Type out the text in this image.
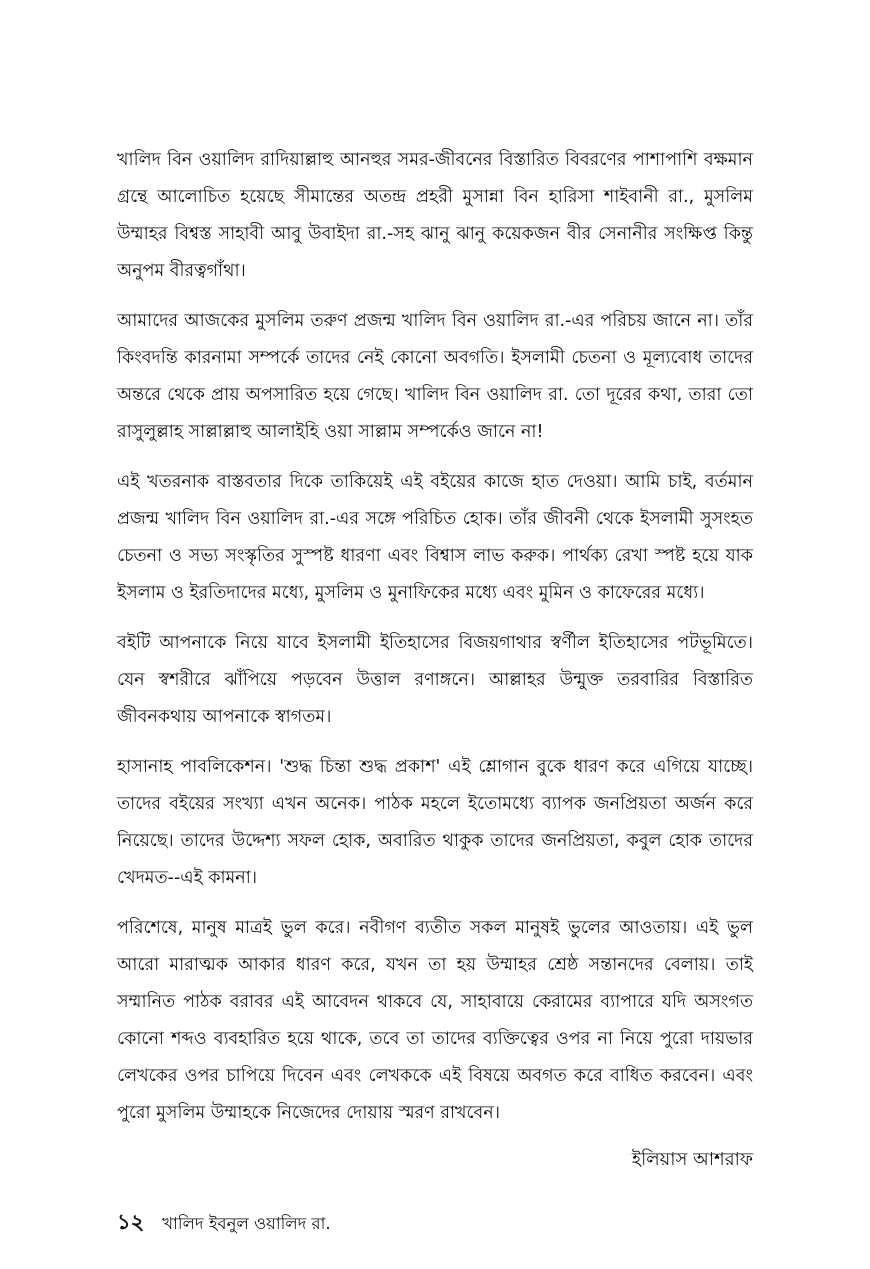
খালিদ বিন ওয়ালিদ রাদিয়াল্লাহু আনহুর সমর-জীবনের বিস্তারিত বিবরণের পাশাপাশি বক্ষমান গ্রন্থে আলোচিত হয়েছে সীমান্তের অতন্দ্র প্রহরী মুসান্না বিন হারিসা শাইবানী রা., মুসলিম উম্মাহর বিশ্বস্ত সাহাবী আবু উবাইদা রা.-সহ ঝানু ঝানু কয়েকজন বীর সেনানীর সংক্ষিপ্ত কিন্তু অনুপম বীরত্বগাঁথা।

আমাদের আজকের মুসলিম তরুণ প্রজন্ম খালিদ বিন ওয়ালিদ রা.-এর পরিচয় জানে না। তাঁর কিংবদন্তি কারনামা সম্পর্কে তাদের নেই কোনো অবগতি। ইসলামী চেতনা ও মূল্যবোধ তাদের অন্তরে থেকে প্রায় অপসারিত হয়ে গেছে। খালিদ বিন ওয়ালিদ রা. তো দূরের কথা, তারা তো রাসুলুল্লাহ সাল্লাল্লাহু আলাইহি ওয়া সাল্লাম সম্পর্কেও জানে না!

এই খতরনাক বাস্তবতার দিকে তাকিয়েই এই বইয়ের কাজে হাত দেওয়া। আমি চাই, বর্তমান প্রজন্ম খালিদ বিন ওয়ালিদ রা.-এর সঙ্গে পরিচিত হোক। তাঁর জীবনী থেকে ইসলামী সুসংহত চেতনা ও সভ্য সংস্কৃতির সুস্পষ্ট ধারণা এবং বিশ্বাস লাভ করুক। পার্থক্য রেখা স্পষ্ট হয়ে যাক ইসলাম ও ইরতিদাদের মধ্যে, মুসলিম ও মুনাফিকের মধ্যে এবং মুমিন ও কাফেরের মধ্যে।

বইটি আপনাকে নিয়ে যাবে ইসলামী ইতিহাসের বিজয়গাথার স্বর্ণীল ইতিহাসের পটভূমিতে। যেন স্বশরীরে ঝাঁপিয়ে পড়বেন উত্তাল রণাঙ্গনে। আল্লাহর উন্মুক্ত তরবারির বিস্তারিত জীবনকথায় আপনাকে স্বাগতম।

হাসানাহ পাবলিকেশন। 'শুদ্ধ চিন্তা শুদ্ধ প্রকাশ' এই শ্লোগান বুকে ধারণ করে এগিয়ে যাচ্ছে। তাদের বইয়ের সংখ্যা এখন অনেক। পাঠক মহলে ইতোমধ্যে ব্যাপক জনপ্রিয়তা অর্জন করে নিয়েছে। তাদের উদ্দেশ্য সফল হোক, অবারিত থাকুক তাদের জনপ্রিয়তা, কবুল হোক তাদের খেদমত--এই কামনা।

পরিশেষে, মানুষ মাত্রই ভুল করে। নবীগণ ব্যতীত সকল মানুষই ভুলের আওতায়। এই ভুল আরো মারাত্মক আকার ধারণ করে, যখন তা হয় উম্মাহর শ্রেষ্ঠ সন্তানদের বেলায়। তাই সম্মানিত পাঠক বরাবর এই আবেদন থাকবে যে, সাহাবায়ে কেরামের ব্যাপারে যদি অসংগত কোনো শব্দও ব্যবহারিত হয়ে থাকে, তবে তা তাদের ব্যক্তিত্বের ওপর না নিয়ে পুরো দায়ভার লেখকের ওপর চাপিয়ে দিবেন এবং লেখককে এই বিষয়ে অবগত করে বাধিত করবেন। এবং পুরো মুসলিম উম্মাহকে নিজেদের দোয়ায় স্মরণ রাখবেন।

ইলিয়াস আশরাফ
১২ খালিদ ইবনুল ওয়ালিদ রা.
